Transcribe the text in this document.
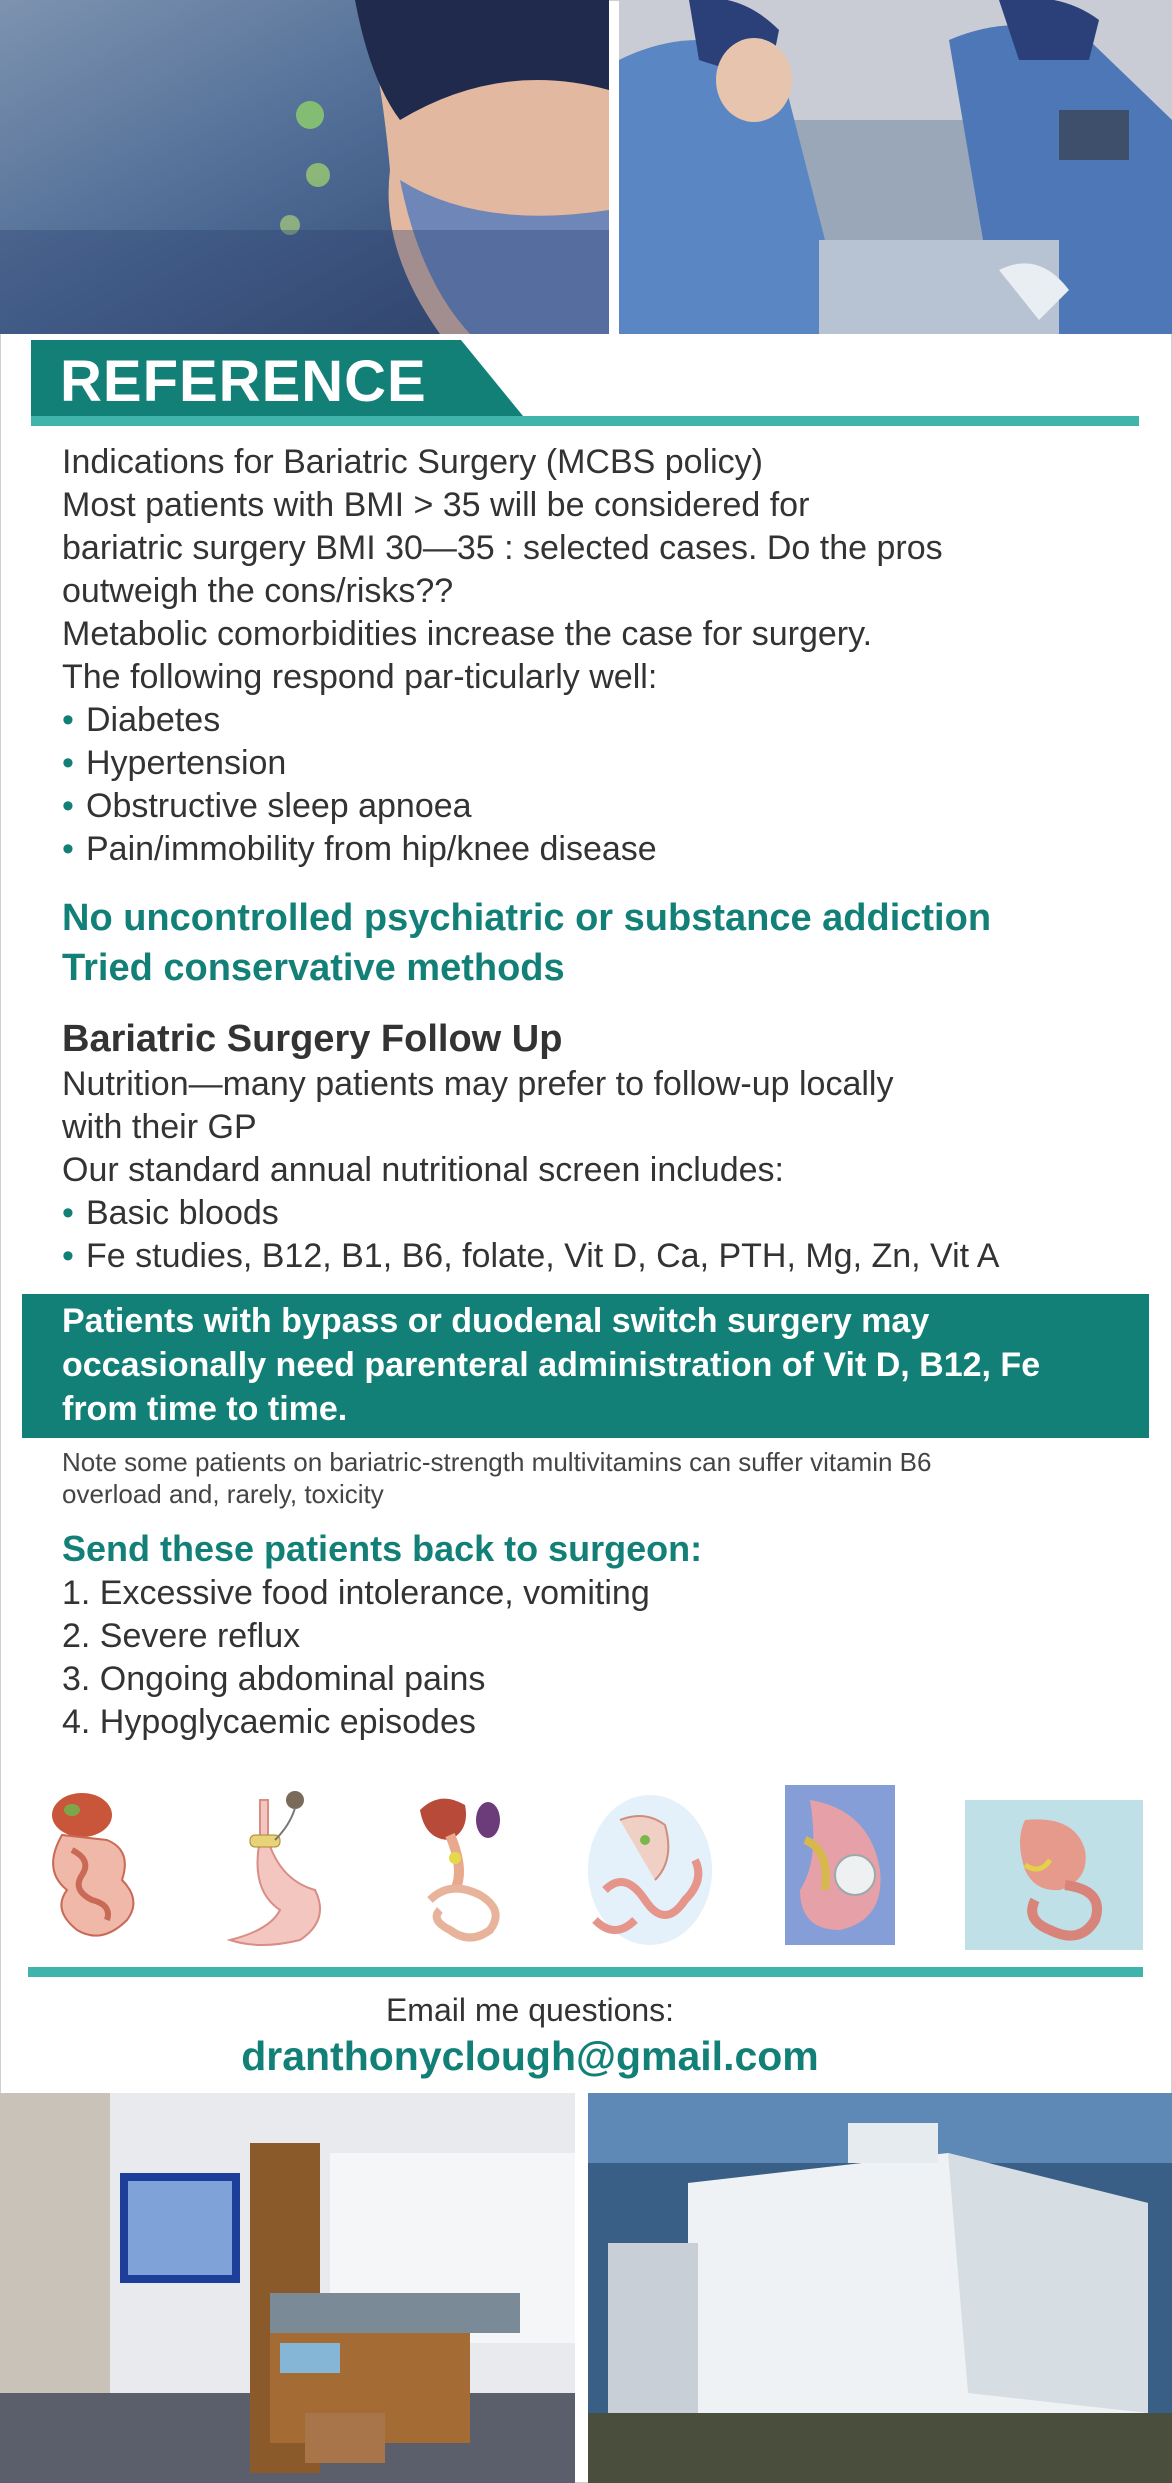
REFERENCE

Indications for Bariatric Surgery (MCBS policy)

Most patients with BMI > 35 will be considered for

bariatric surgery BMI 30—35 : selected cases. Do the pros

outweigh the cons/risks??

Metabolic comorbidities increase the case for surgery.

The following respond par-ticularly well:

• Diabetes
• Hypertension
• Obstructive sleep apnoea
• Pain/immobility from hip/knee disease

No uncontrolled psychiatric or substance addiction

Tried conservative methods

Bariatric Surgery Follow Up

Nutrition—many patients may prefer to follow-up locally

with their GP

Our standard annual nutritional screen includes:

• Basic bloods
• Fe studies, B12, B1, B6, folate, Vit D, Ca, PTH, Mg, Zn, Vit A

Patients with bypass or duodenal switch surgery may
occasionally need parenteral administration of Vit D, B12, Fe
from time to time.

Note some patients on bariatric-strength multivitamins can suffer vitamin B6
overload and, rarely, toxicity

Send these patients back to surgeon:

1. Excessive food intolerance, vomiting

2. Severe reflux

3. Ongoing abdominal pains

4. Hypoglycaemic episodes

Email me questions:
dranthonyclough@gmail.com
